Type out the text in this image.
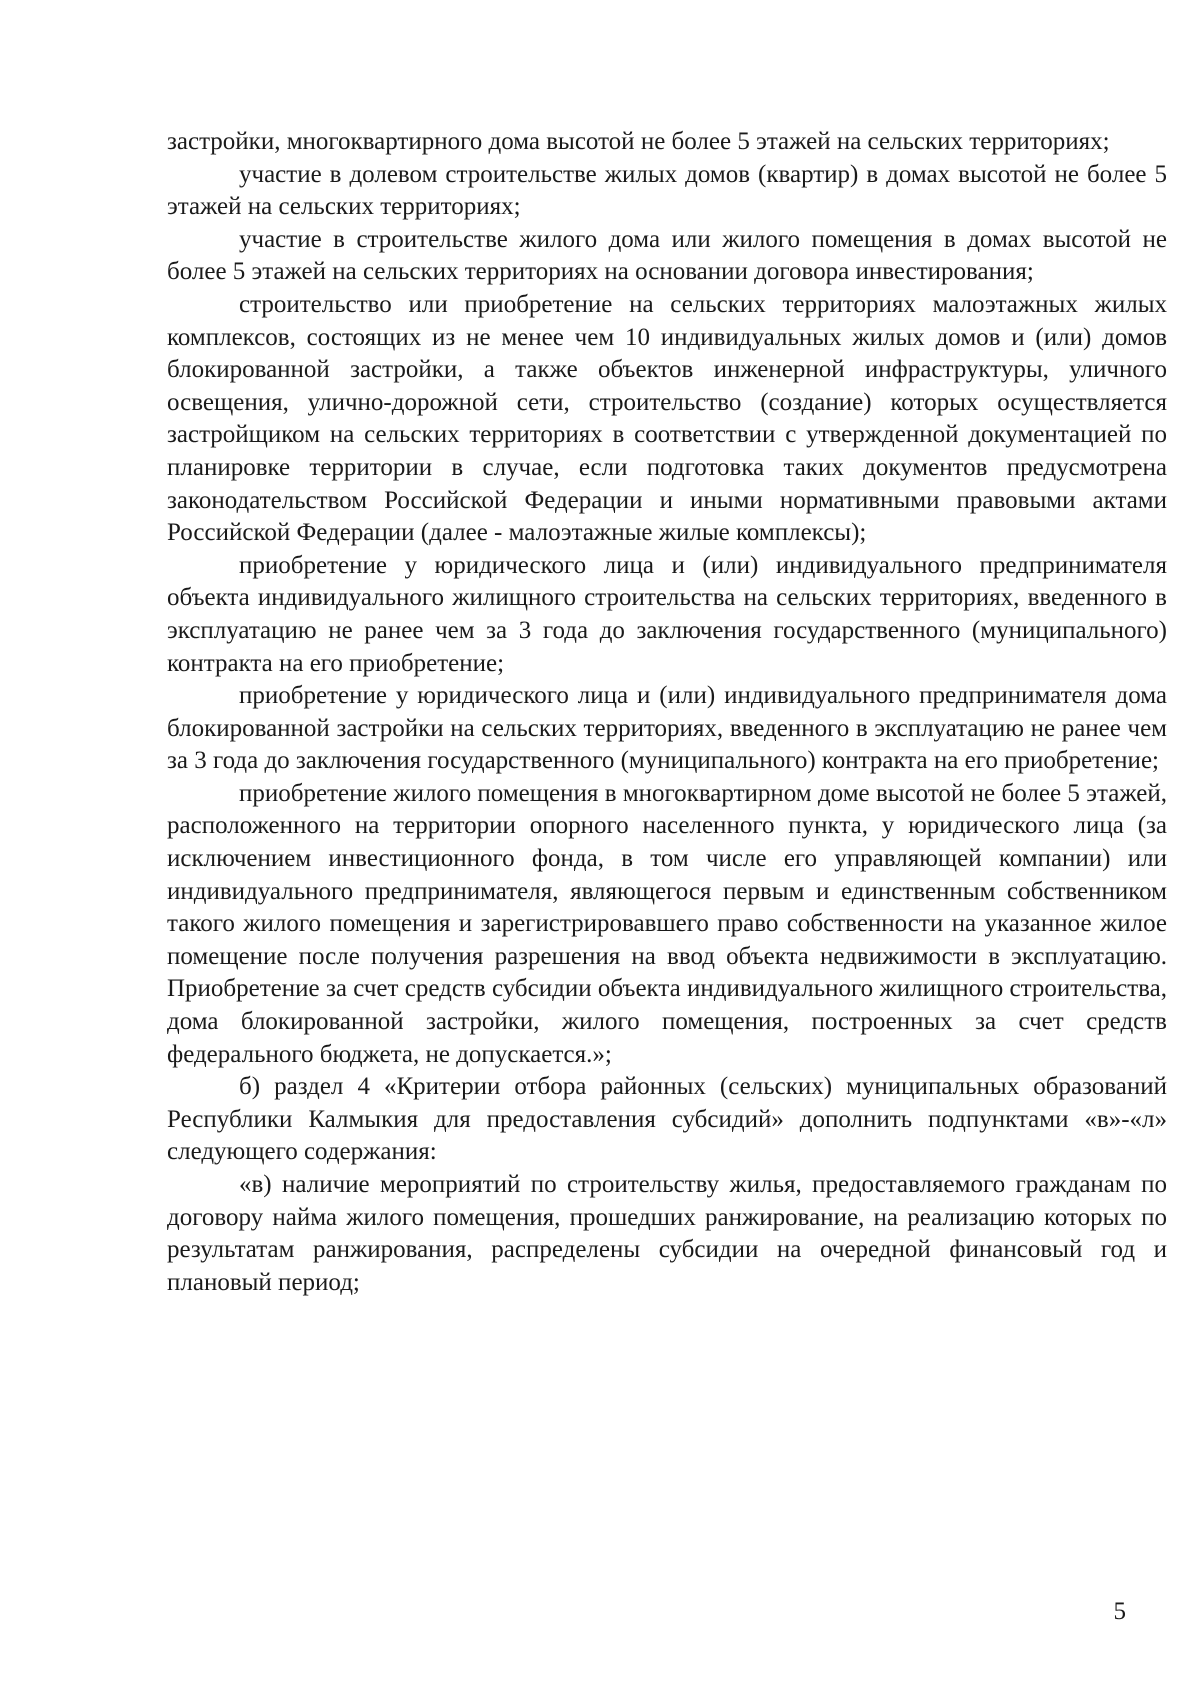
застройки, многоквартирного дома высотой не более 5 этажей на сельских территориях;

участие в долевом строительстве жилых домов (квартир) в домах высотой не более 5 этажей на сельских территориях;

участие в строительстве жилого дома или жилого помещения в домах высотой не более 5 этажей на сельских территориях на основании договора инвестирования;

строительство или приобретение на сельских территориях малоэтажных жилых комплексов, состоящих из не менее чем 10 индивидуальных жилых домов и (или) домов блокированной застройки, а также объектов инженерной инфраструктуры, уличного освещения, улично-дорожной сети, строительство (создание) которых осуществляется застройщиком на сельских территориях в соответствии с утвержденной документацией по планировке территории в случае, если подготовка таких документов предусмотрена законодательством Российской Федерации и иными нормативными правовыми актами Российской Федерации (далее - малоэтажные жилые комплексы);

приобретение у юридического лица и (или) индивидуального предпринимателя объекта индивидуального жилищного строительства на сельских территориях, введенного в эксплуатацию не ранее чем за 3 года до заключения государственного (муниципального) контракта на его приобретение;

приобретение у юридического лица и (или) индивидуального предпринимателя дома блокированной застройки на сельских территориях, введенного в эксплуатацию не ранее чем за 3 года до заключения государственного (муниципального) контракта на его приобретение;

приобретение жилого помещения в многоквартирном доме высотой не более 5 этажей, расположенного на территории опорного населенного пункта, у юридического лица (за исключением инвестиционного фонда, в том числе его управляющей компании) или индивидуального предпринимателя, являющегося первым и единственным собственником такого жилого помещения и зарегистрировавшего право собственности на указанное жилое помещение после получения разрешения на ввод объекта недвижимости в эксплуатацию. Приобретение за счет средств субсидии объекта индивидуального жилищного строительства, дома блокированной застройки, жилого помещения, построенных за счет средств федерального бюджета, не допускается.»;

б) раздел 4 «Критерии отбора районных (сельских) муниципальных образований Республики Калмыкия для предоставления субсидий» дополнить подпунктами «в»-«л» следующего содержания:

«в) наличие мероприятий по строительству жилья, предоставляемого гражданам по договору найма жилого помещения, прошедших ранжирование, на реализацию которых по результатам ранжирования, распределены субсидии на очередной финансовый год и плановый период;

5
